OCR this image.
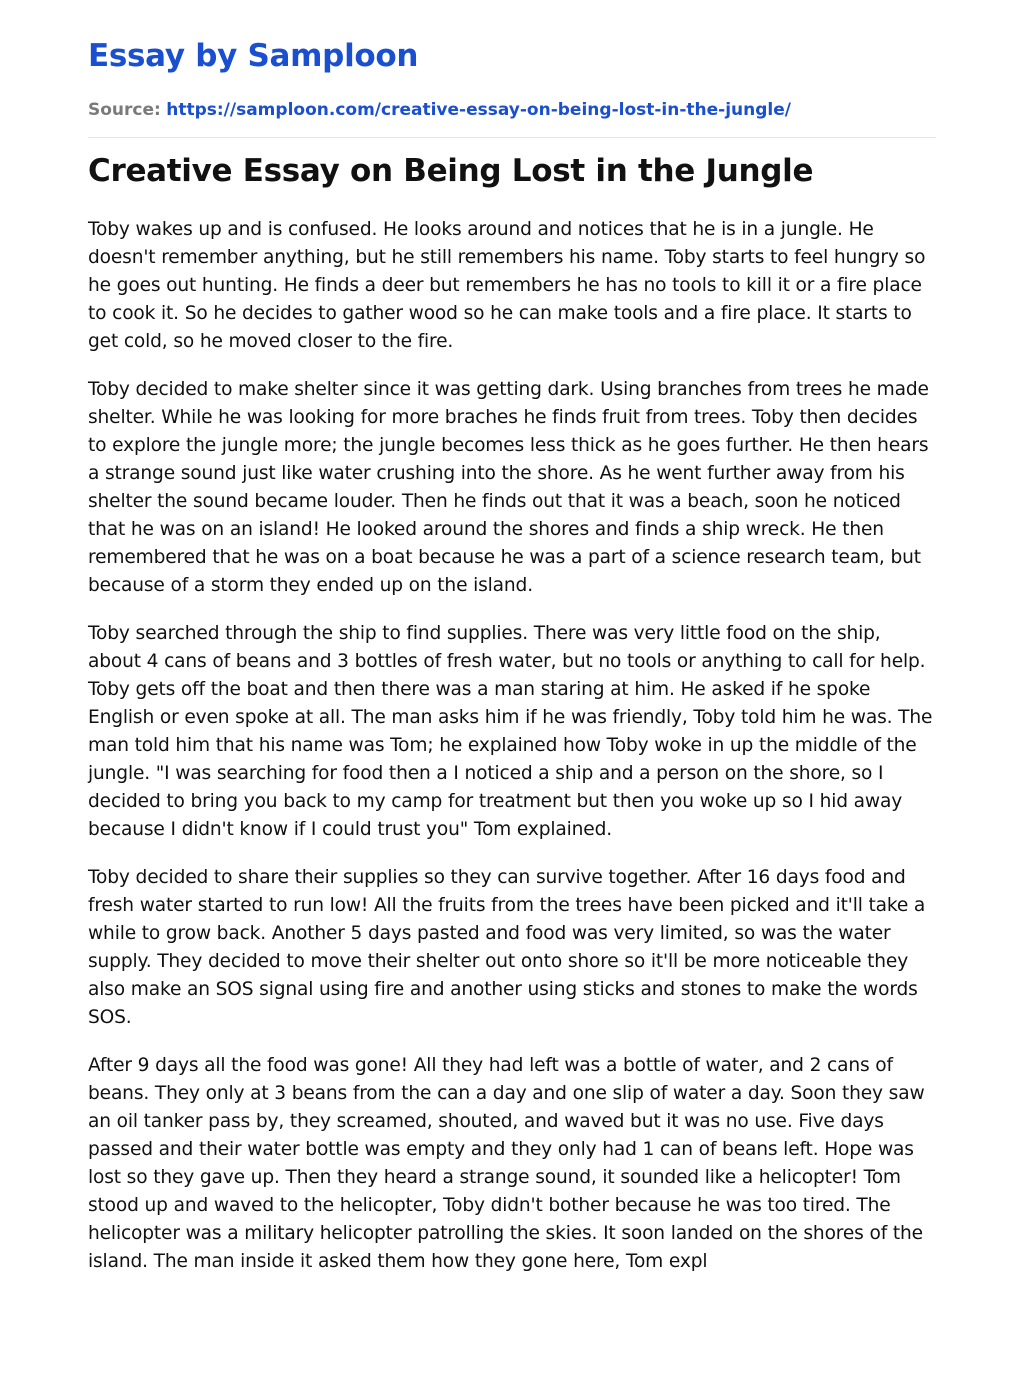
Essay by Samploon
Source: https://samploon.com/creative-essay-on-being-lost-in-the-jungle/
Creative Essay on Being Lost in the Jungle

Toby wakes up and is confused. He looks around and notices that he is in a jungle. He doesn't remember anything, but he still remembers his name. Toby starts to feel hungry so he goes out hunting. He finds a deer but remembers he has no tools to kill it or a fire place to cook it. So he decides to gather wood so he can make tools and a fire place. It starts to get cold, so he moved closer to the fire.

Toby decided to make shelter since it was getting dark. Using branches from trees he made shelter. While he was looking for more braches he finds fruit from trees. Toby then decides to explore the jungle more; the jungle becomes less thick as he goes further. He then hears a strange sound just like water crushing into the shore. As he went further away from his shelter the sound became louder. Then he finds out that it was a beach, soon he noticed that he was on an island! He looked around the shores and finds a ship wreck. He then remembered that he was on a boat because he was a part of a science research team, but because of a storm they ended up on the island.

Toby searched through the ship to find supplies. There was very little food on the ship, about 4 cans of beans and 3 bottles of fresh water, but no tools or anything to call for help. Toby gets off the boat and then there was a man staring at him. He asked if he spoke English or even spoke at all. The man asks him if he was friendly, Toby told him he was. The man told him that his name was Tom; he explained how Toby woke in up the middle of the jungle. "I was searching for food then a I noticed a ship and a person on the shore, so I decided to bring you back to my camp for treatment but then you woke up so I hid away because I didn't know if I could trust you" Tom explained.

Toby decided to share their supplies so they can survive together. After 16 days food and fresh water started to run low! All the fruits from the trees have been picked and it'll take a while to grow back. Another 5 days pasted and food was very limited, so was the water supply. They decided to move their shelter out onto shore so it'll be more noticeable they also make an SOS signal using fire and another using sticks and stones to make the words SOS.

After 9 days all the food was gone! All they had left was a bottle of water, and 2 cans of beans. They only at 3 beans from the can a day and one slip of water a day. Soon they saw an oil tanker pass by, they screamed, shouted, and waved but it was no use. Five days passed and their water bottle was empty and they only had 1 can of beans left. Hope was lost so they gave up. Then they heard a strange sound, it sounded like a helicopter! Tom stood up and waved to the helicopter, Toby didn't bother because he was too tired. The helicopter was a military helicopter patrolling the skies. It soon landed on the shores of the island. The man inside it asked them how they gone here, Tom expl
